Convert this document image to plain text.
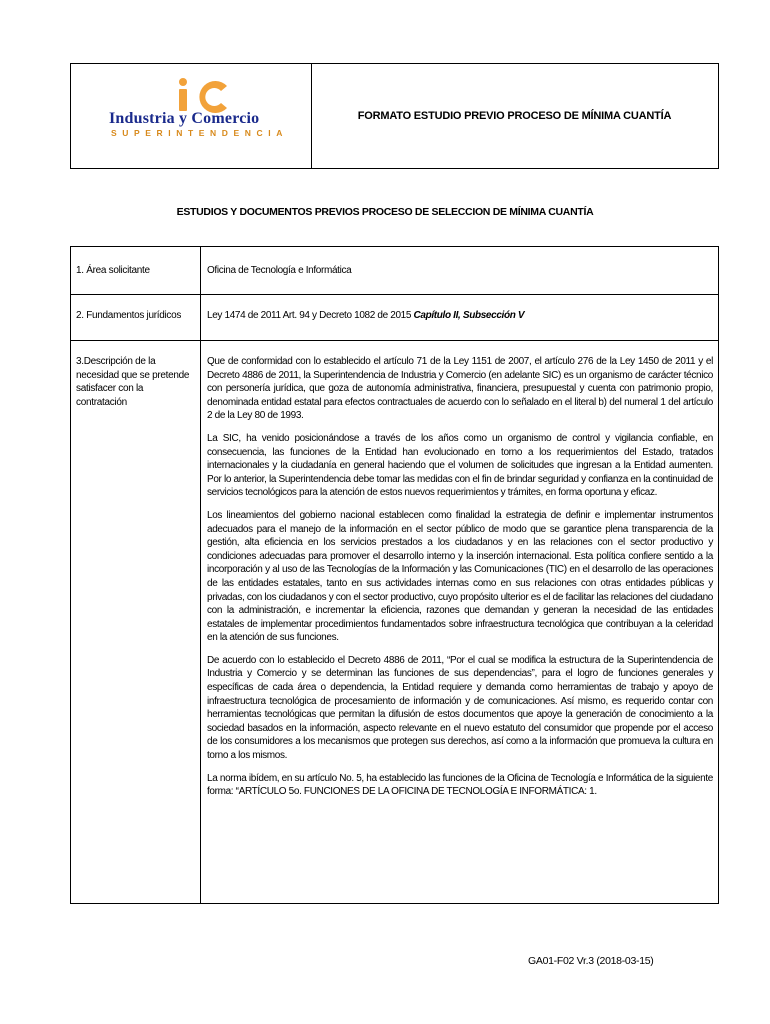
Industria y Comercio
SUPERINTENDENCIA
FORMATO ESTUDIO PREVIO PROCESO DE MÍNIMA CUANTÍA
ESTUDIOS Y DOCUMENTOS PREVIOS PROCESO DE SELECCION DE MÍNIMA CUANTÍA
1. Área solicitante	Oficina de Tecnología e Informática
2. Fundamentos jurídicos	Ley 1474 de 2011 Art. 94 y Decreto 1082 de 2015 Capítulo II, Subsección V
3.Descripción de la necesidad que se pretende satisfacer con la contratación

Que de conformidad con lo establecido el artículo 71 de la Ley 1151 de 2007, el artículo 276 de la Ley 1450 de 2011 y el Decreto 4886 de 2011, la Superintendencia de Industria y Comercio (en adelante SIC) es un organismo de carácter técnico con personería jurídica, que goza de autonomía administrativa, financiera, presupuestal y cuenta con patrimonio propio, denominada entidad estatal para efectos contractuales de acuerdo con lo señalado en el literal b) del numeral 1 del artículo 2 de la Ley 80 de 1993.

La SIC, ha venido posicionándose a través de los años como un organismo de control y vigilancia confiable, en consecuencia, las funciones de la Entidad han evolucionado en torno a los requerimientos del Estado, tratados internacionales y la ciudadanía en general haciendo que el volumen de solicitudes que ingresan a la Entidad aumenten. Por lo anterior, la Superintendencia debe tomar las medidas con el fin de brindar seguridad y confianza en la continuidad de servicios tecnológicos para la atención de estos nuevos requerimientos y trámites, en forma oportuna y eficaz.

Los lineamientos del gobierno nacional establecen como finalidad la estrategia de definir e implementar instrumentos adecuados para el manejo de la información en el sector público de modo que se garantice plena transparencia de la gestión, alta eficiencia en los servicios prestados a los ciudadanos y en las relaciones con el sector productivo y condiciones adecuadas para promover el desarrollo interno y la inserción internacional. Esta política confiere sentido a la incorporación y al uso de las Tecnologías de la Información y las Comunicaciones (TIC) en el desarrollo de las operaciones de las entidades estatales, tanto en sus actividades internas como en sus relaciones con otras entidades públicas y privadas, con los ciudadanos y con el sector productivo, cuyo propósito ulterior es el de facilitar las relaciones del ciudadano con la administración, e incrementar la eficiencia, razones que demandan y generan la necesidad de las entidades estatales de implementar procedimientos fundamentados sobre infraestructura tecnológica que contribuyan a la celeridad en la atención de sus funciones.

De acuerdo con lo establecido el Decreto 4886 de 2011, “Por el cual se modifica la estructura de la Superintendencia de Industria y Comercio y se determinan las funciones de sus dependencias”, para el logro de funciones generales y específicas de cada área o dependencia, la Entidad requiere y demanda como herramientas de trabajo y apoyo de infraestructura tecnológica de procesamiento de información y de comunicaciones. Así mismo, es requerido contar con herramientas tecnológicas que permitan la difusión de estos documentos que apoye la generación de conocimiento a la sociedad basados en la información, aspecto relevante en el nuevo estatuto del consumidor que propende por el acceso de los consumidores a los mecanismos que protegen sus derechos, así como a la información que promueva la cultura en torno a los mismos.

La norma ibídem, en su artículo No. 5, ha establecido las funciones de la Oficina de Tecnología e Informática de la siguiente forma: “ARTÍCULO 5o. FUNCIONES DE LA OFICINA DE TECNOLOGÍA E INFORMÁTICA: 1.

GA01-F02 Vr.3 (2018-03-15)
